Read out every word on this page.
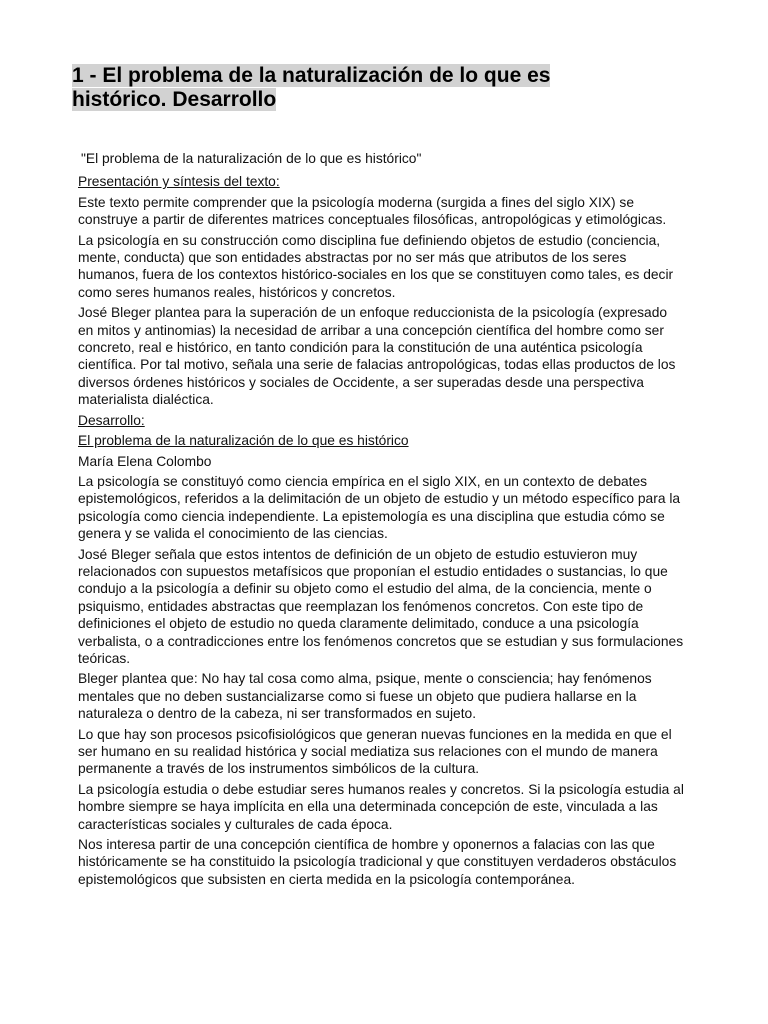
1 - El problema de la naturalización de lo que es
histórico. Desarrollo

"El problema de la naturalización de lo que es histórico"

Presentación y síntesis del texto:

Este texto permite comprender que la psicología moderna (surgida a fines del siglo XIX) se construye a partir de diferentes matrices conceptuales filosóficas, antropológicas y etimológicas.

La psicología en su construcción como disciplina fue definiendo objetos de estudio (conciencia, mente, conducta) que son entidades abstractas por no ser más que atributos de los seres humanos, fuera de los contextos histórico-sociales en los que se constituyen como tales, es decir como seres humanos reales, históricos y concretos.

José Bleger plantea para la superación de un enfoque reduccionista de la psicología (expresado en mitos y antinomias) la necesidad de arribar a una concepción científica del hombre como ser concreto, real e histórico, en tanto condición para la constitución de una auténtica psicología científica. Por tal motivo, señala una serie de falacias antropológicas, todas ellas productos de los diversos órdenes históricos y sociales de Occidente, a ser superadas desde una perspectiva materialista dialéctica.

Desarrollo:

El problema de la naturalización de lo que es histórico

María Elena Colombo

La psicología se constituyó como ciencia empírica en el siglo XIX, en un contexto de debates epistemológicos, referidos a la delimitación de un objeto de estudio y un método específico para la psicología como ciencia independiente. La epistemología es una disciplina que estudia cómo se genera y se valida el conocimiento de las ciencias.

José Bleger señala que estos intentos de definición de un objeto de estudio estuvieron muy relacionados con supuestos metafísicos que proponían el estudio entidades o sustancias, lo que condujo a la psicología a definir su objeto como el estudio del alma, de la conciencia, mente o psiquismo, entidades abstractas que reemplazan los fenómenos concretos. Con este tipo de definiciones el objeto de estudio no queda claramente delimitado, conduce a una psicología verbalista, o a contradicciones entre los fenómenos concretos que se estudian y sus formulaciones teóricas.

Bleger plantea que: No hay tal cosa como alma, psique, mente o consciencia; hay fenómenos mentales que no deben sustancializarse como si fuese un objeto que pudiera hallarse en la naturaleza o dentro de la cabeza, ni ser transformados en sujeto.

Lo que hay son procesos psicofisiológicos que generan nuevas funciones en la medida en que el ser humano en su realidad histórica y social mediatiza sus relaciones con el mundo de manera permanente a través de los instrumentos simbólicos de la cultura.

La psicología estudia o debe estudiar seres humanos reales y concretos. Si la psicología estudia al hombre siempre se haya implícita en ella una determinada concepción de este, vinculada a las características sociales y culturales de cada época.

Nos interesa partir de una concepción científica de hombre y oponernos a falacias con las que históricamente se ha constituido la psicología tradicional y que constituyen verdaderos obstáculos epistemológicos que subsisten en cierta medida en la psicología contemporánea.
